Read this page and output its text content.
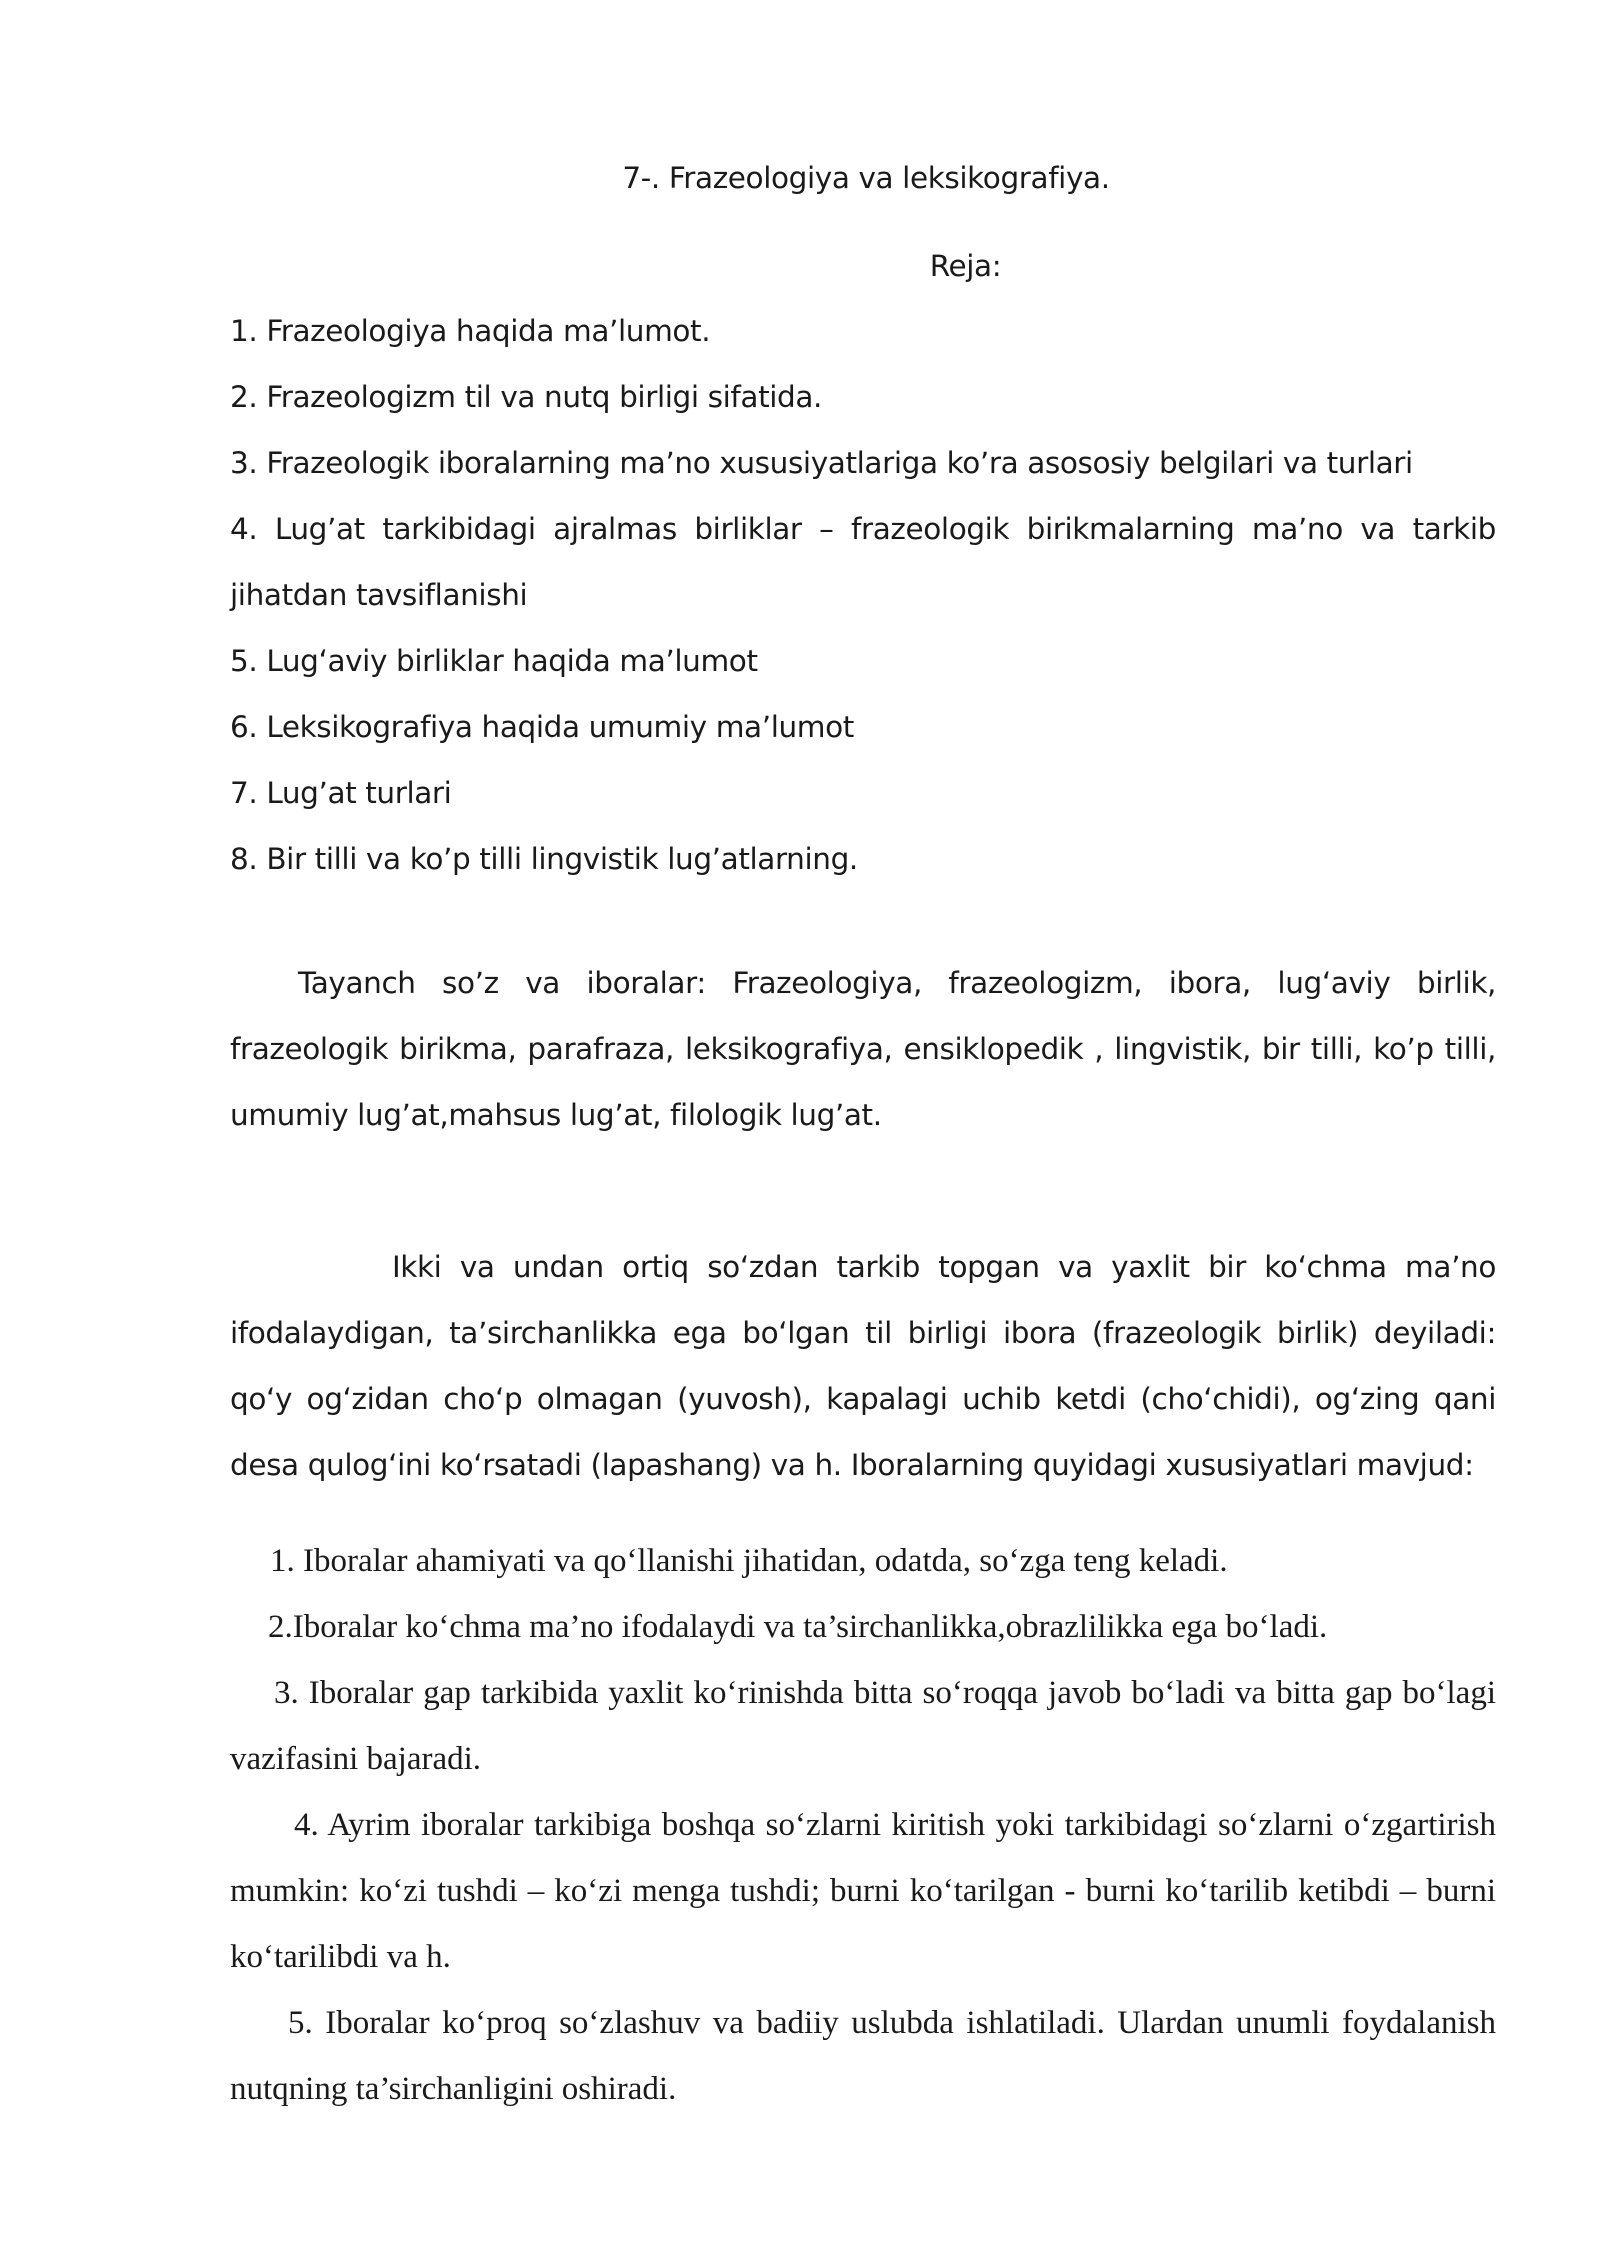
7-. Frazeologiya va leksikografiya.
Reja:

1. Frazeologiya haqida ma’lumot.

2. Frazeologizm til va nutq birligi sifatida.

3. Frazeologik iboralarning ma’no xususiyatlariga ko’ra asososiy belgilari va turlari

4. Lug’at tarkibidagi ajralmas birliklar – frazeologik birikmalarning ma’no va tarkib jihatdan tavsiflanishi

5. Lug‘aviy birliklar haqida ma’lumot

6. Leksikografiya haqida umumiy ma’lumot

7. Lug’at turlari

8. Bir tilli va ko’p tilli lingvistik lug’atlarning.

Tayanch so’z va iboralar: Frazeologiya, frazeologizm, ibora, lug‘aviy birlik, frazeologik birikma, parafraza, leksikografiya, ensiklopedik , lingvistik, bir tilli, ko’p tilli, umumiy lug’at,mahsus lug’at, filologik lug’at.

Ikki va undan ortiq so‘zdan tarkib topgan va yaxlit bir ko‘chma ma’no ifodalaydigan, ta’sirchanlikka ega bo‘lgan til birligi ibora (frazeologik birlik) deyiladi: qo‘y og‘zidan cho‘p olmagan (yuvosh), kapalagi uchib ketdi (cho‘chidi), og‘zing qani desa qulog‘ini ko‘rsatadi (lapashang) va h. Iboralarning quyidagi xususiyatlari mavjud:

1. Iboralar ahamiyati va qo‘llanishi jihatidan, odatda, so‘zga teng keladi.

2.Iboralar ko‘chma ma’no ifodalaydi va ta’sirchanlikka,obrazlilikka ega bo‘ladi.

3. Iboralar gap tarkibida yaxlit ko‘rinishda bitta so‘roqqa javob bo‘ladi va bitta gap bo‘lagi vazifasini bajaradi.

4. Ayrim iboralar tarkibiga boshqa so‘zlarni kiritish yoki tarkibidagi so‘zlarni o‘zgartirish mumkin: ko‘zi tushdi – ko‘zi menga tushdi; burni ko‘tarilgan - burni ko‘tarilib ketibdi – burni ko‘tarilibdi va h.

5. Iboralar ko‘proq so‘zlashuv va badiiy uslubda ishlatiladi. Ulardan unumli foydalanish nutqning ta’sirchanligini oshiradi.
